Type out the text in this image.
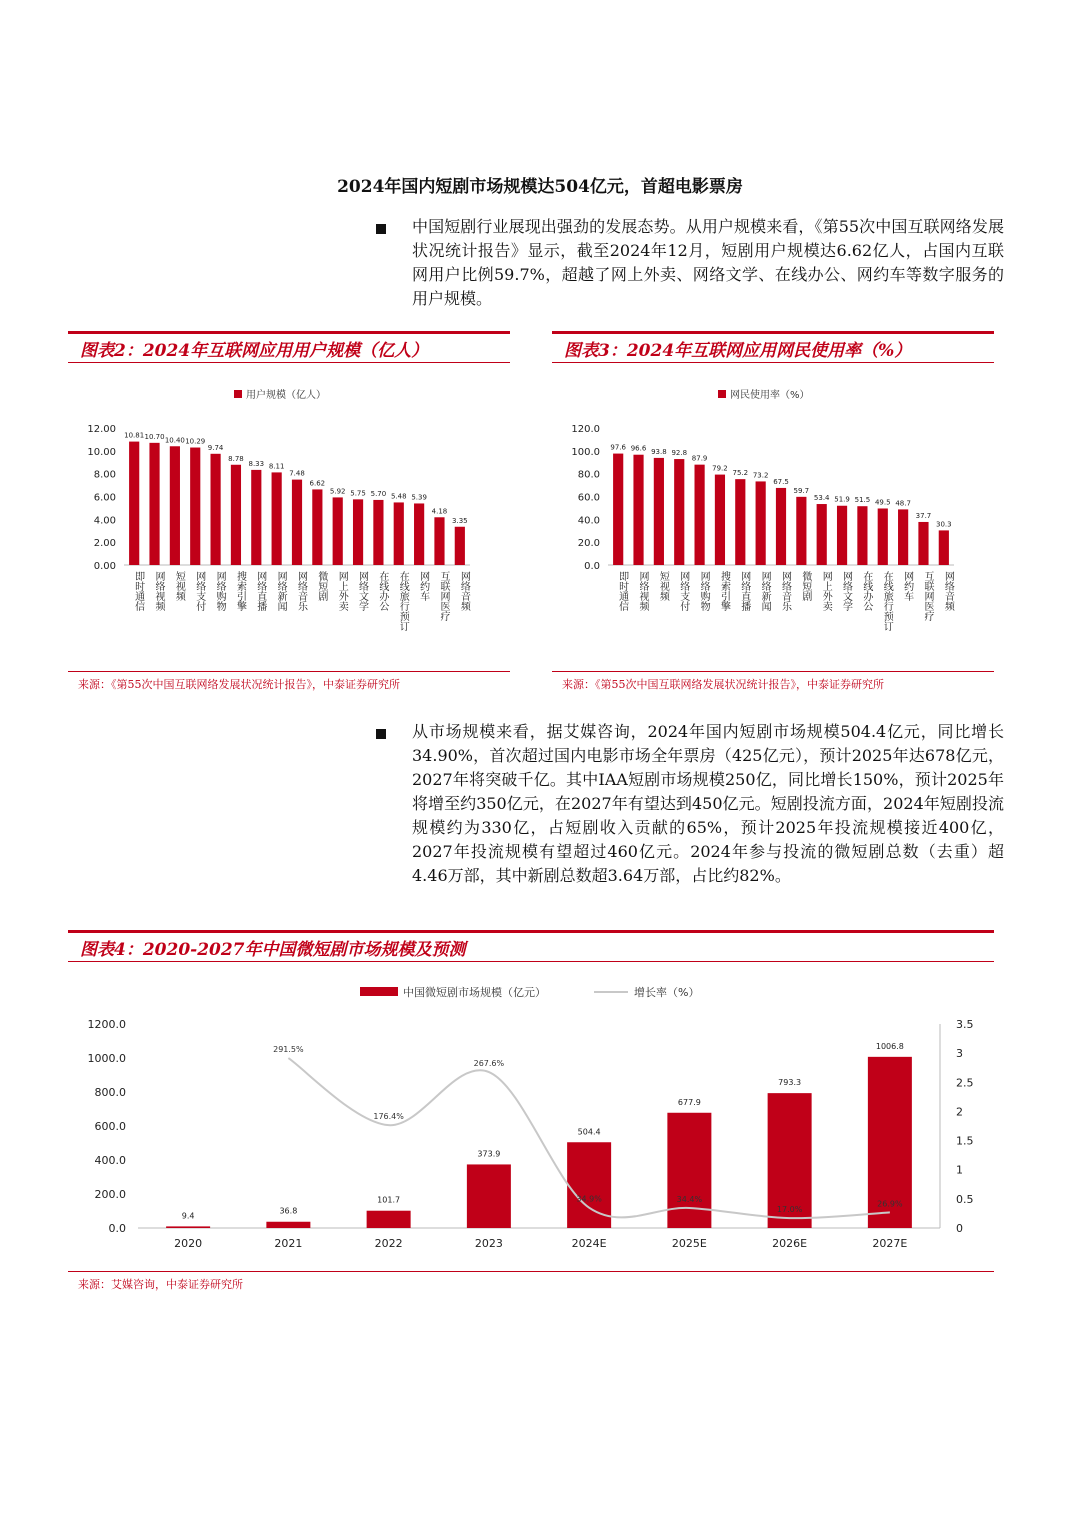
2024年国内短剧市场规模达504亿元，首超电影票房

中国短剧行业展现出强劲的发展态势。从用户规模来看，《第55次中国互联网络发展状况统计报告》显示，截至2024年12月，短剧用户规模达6.62亿人，占国内互联网用户比例59.7%，超越了网上外卖、网络文学、在线办公、网约车等数字服务的用户规模。

图表2：2024年互联网应用用户规模（亿人）
用户规模（亿人）
0.00
2.00
4.00
6.00
8.00
10.00
12.00
10.81
即时通信
10.70
网络视频
10.40
短视频
10.29
网络支付
9.74
网络购物
8.78
搜索引擎
8.33
网络直播
8.11
网络新闻
7.48
网络音乐
6.62
微短剧
5.92
网上外卖
5.75
网络文学
5.70
在线办公
5.48
在线旅行预订
5.39
网约车
4.18
互联网医疗
3.35
网络音频
来源：《第55次中国互联网络发展状况统计报告》，中泰证券研究所
图表3：2024年互联网应用网民使用率（%）
网民使用率（%）
0.0
20.0
40.0
60.0
80.0
100.0
120.0
97.6
即时通信
96.6
网络视频
93.8
短视频
92.8
网络支付
87.9
网络购物
79.2
搜索引擎
75.2
网络直播
73.2
网络新闻
67.5
网络音乐
59.7
微短剧
53.4
网上外卖
51.9
网络文学
51.5
在线办公
49.5
在线旅行预订
48.7
网约车
37.7
互联网医疗
30.3
网络音频
来源：《第55次中国互联网络发展状况统计报告》，中泰证券研究所

从市场规模来看，据艾媒咨询，2024年国内短剧市场规模504.4亿元，同比增长34.90%，首次超过国内电影市场全年票房（425亿元），预计2025年达678亿元，2027年将突破千亿。其中IAA短剧市场规模250亿，同比增长150%，预计2025年将增至约350亿元，在2027年有望达到450亿元。短剧投流方面，2024年短剧投流规模约为330亿，占短剧收入贡献的65%，预计2025年投流规模接近400亿，2027年投流规模有望超过460亿元。2024年参与投流的微短剧总数（去重）超4.46万部，其中新剧总数超3.64万部，占比约82%。

图表4：2020-2027年中国微短剧市场规模及预测
中国微短剧市场规模（亿元）	增长率（%）
0.0
200.0
400.0
600.0
800.0
1000.0
1200.0
0
0.5
1
1.5
2
2.5
3
3.5
9.4
2020
36.8
2021
101.7
2022
373.9
2023
504.4
2024E
677.9
2025E
793.3
2026E
1006.8
2027E
291.5%
176.4%
267.6%
34.9%	34.4%
17.0%
26.9%
来源：艾媒咨询，中泰证券研究所
